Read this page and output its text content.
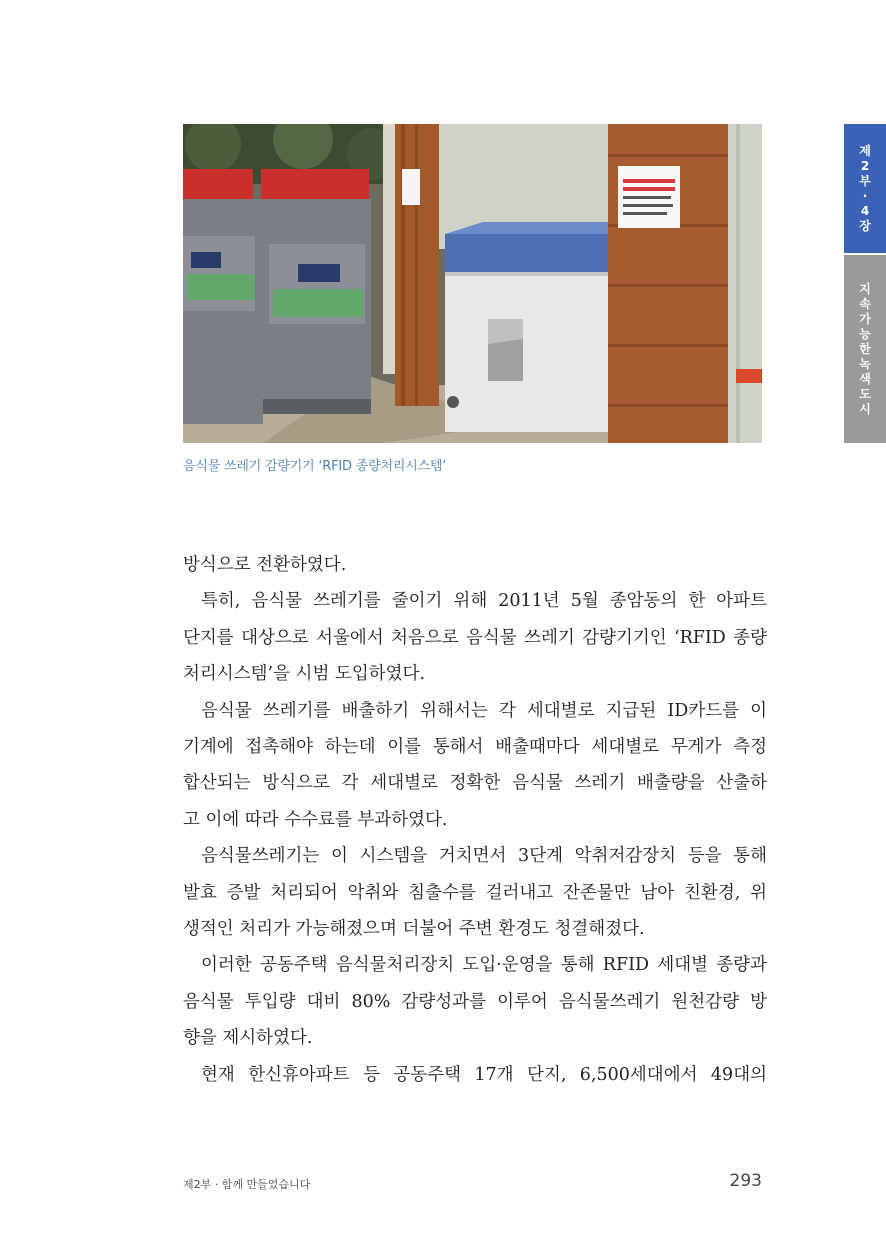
음식물 쓰레기 감량기기 ‘RFID 종량처리시스템’
제
2
부
·
4
장
지
속
가
능
한
녹
색
도
시

방식으로 전환하였다.

특히, 음식물 쓰레기를 줄이기 위해 2011년 5월 종암동의 한 아파트

단지를 대상으로 서울에서 처음으로 음식물 쓰레기 감량기기인 ‘RFID 종량

처리시스템’을 시범 도입하였다.

음식물 쓰레기를 배출하기 위해서는 각 세대별로 지급된 ID카드를 이

기계에 접촉해야 하는데 이를 통해서 배출때마다 세대별로 무게가 측정

합산되는 방식으로 각 세대별로 정확한 음식물 쓰레기 배출량을 산출하

고 이에 따라 수수료를 부과하였다.

음식물쓰레기는 이 시스템을 거치면서 3단계 악취저감장치 등을 통해

발효 증발 처리되어 악취와 침출수를 걸러내고 잔존물만 남아 친환경, 위

생적인 처리가 가능해졌으며 더불어 주변 환경도 청결해졌다.

이러한 공동주택 음식물처리장치 도입·운영을 통해 RFID 세대별 종량과

음식물 투입량 대비 80% 감량성과를 이루어 음식물쓰레기 원천감량 방

향을 제시하였다.

현재 한신휴아파트 등 공동주택 17개 단지, 6,500세대에서 49대의

제2부 · 함께 만들었습니다	293
